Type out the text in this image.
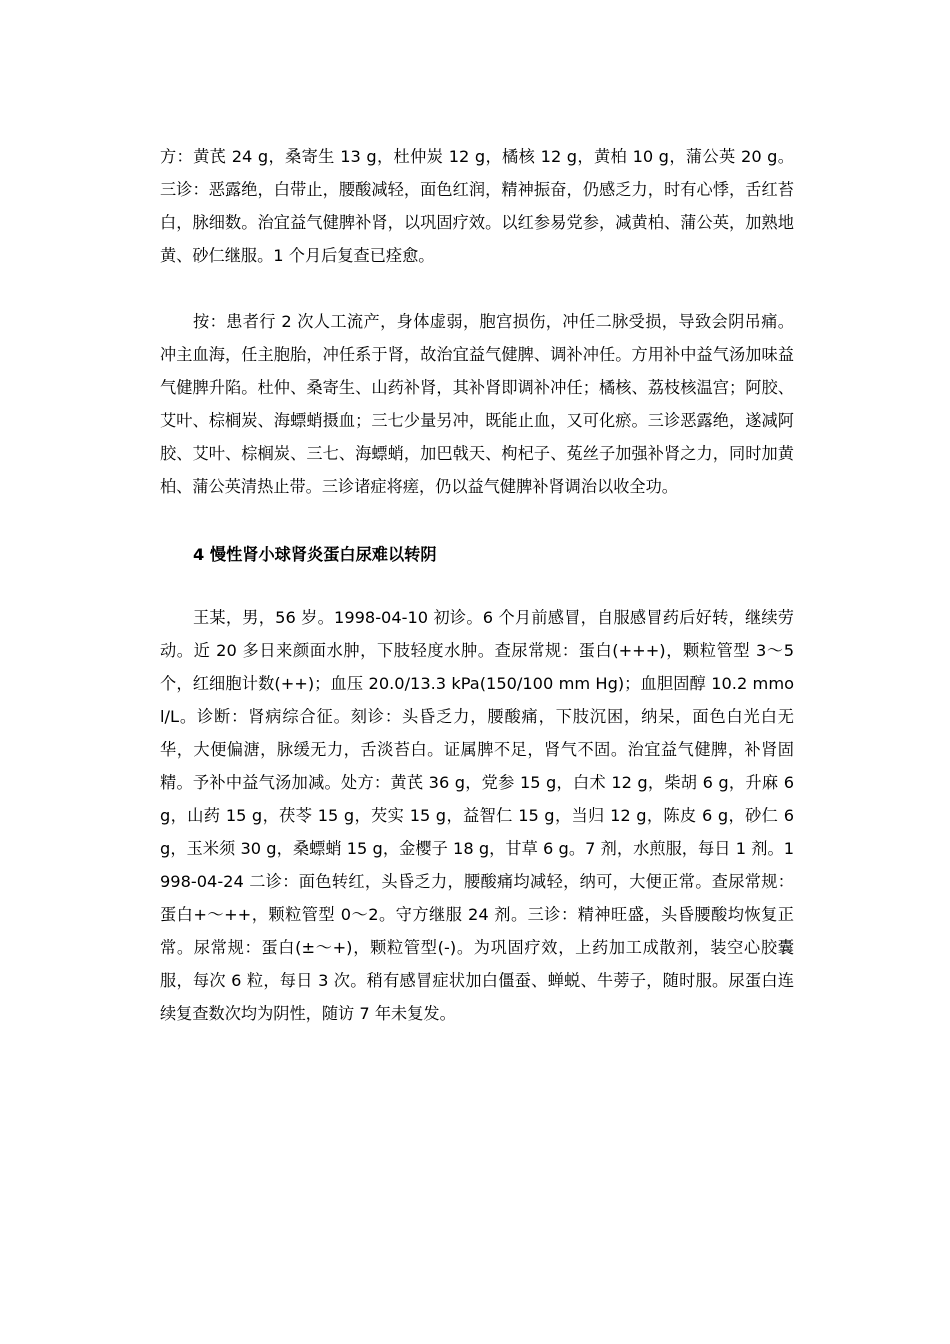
方：黄芪 24 g，桑寄生 13 g，杜仲炭 12 g，橘核 12 g，黄柏 10 g，蒲公英 20 g。三诊：恶露绝，白带止，腰酸减轻，面色红润，精神振奋，仍感乏力，时有心悸，舌红苔白，脉细数。治宜益气健脾补肾，以巩固疗效。以红参易党参，减黄柏、蒲公英，加熟地黄、砂仁继服。1 个月后复查已痊愈。

按：患者行 2 次人工流产，身体虚弱，胞宫损伤，冲任二脉受损，导致会阴吊痛。冲主血海，任主胞胎，冲任系于肾，故治宜益气健脾、调补冲任。方用补中益气汤加味益气健脾升陷。杜仲、桑寄生、山药补肾，其补肾即调补冲任；橘核、荔枝核温宫；阿胶、艾叶、棕榈炭、海螵蛸摄血；三七少量另冲，既能止血，又可化瘀。三诊恶露绝，遂减阿胶、艾叶、棕榈炭、三七、海螵蛸，加巴戟天、枸杞子、菟丝子加强补肾之力，同时加黄柏、蒲公英清热止带。三诊诸症将瘥，仍以益气健脾补肾调治以收全功。

4 慢性肾小球肾炎蛋白尿难以转阴

王某，男，56 岁。1998-04-10 初诊。6 个月前感冒，自服感冒药后好转，继续劳动。近 20 多日来颜面水肿，下肢轻度水肿。查尿常规：蛋白(+++)，颗粒管型 3～5 个，红细胞计数(++)；血压 20.0/13.3 kPa(150/100 mm Hg)；血胆固醇 10.2 mmol/L。诊断：肾病综合征。刻诊：头昏乏力，腰酸痛，下肢沉困，纳呆，面色白光白无华，大便偏溏，脉缓无力，舌淡苔白。证属脾不足，肾气不固。治宜益气健脾，补肾固精。予补中益气汤加减。处方：黄芪 36 g，党参 15 g，白术 12 g，柴胡 6 g，升麻 6 g，山药 15 g，茯苓 15 g，芡实 15 g，益智仁 15 g，当归 12 g，陈皮 6 g，砂仁 6 g，玉米须 30 g，桑螵蛸 15 g，金樱子 18 g，甘草 6 g。7 剂，水煎服，每日 1 剂。1998-04-24 二诊：面色转红，头昏乏力，腰酸痛均减轻，纳可，大便正常。查尿常规：蛋白+～++，颗粒管型 0～2。守方继服 24 剂。三诊：精神旺盛，头昏腰酸均恢复正常。尿常规：蛋白(±～+)，颗粒管型(-)。为巩固疗效，上药加工成散剂，装空心胶囊服，每次 6 粒，每日 3 次。稍有感冒症状加白僵蚕、蝉蜕、牛蒡子，随时服。尿蛋白连续复查数次均为阴性，随访 7 年未复发。
